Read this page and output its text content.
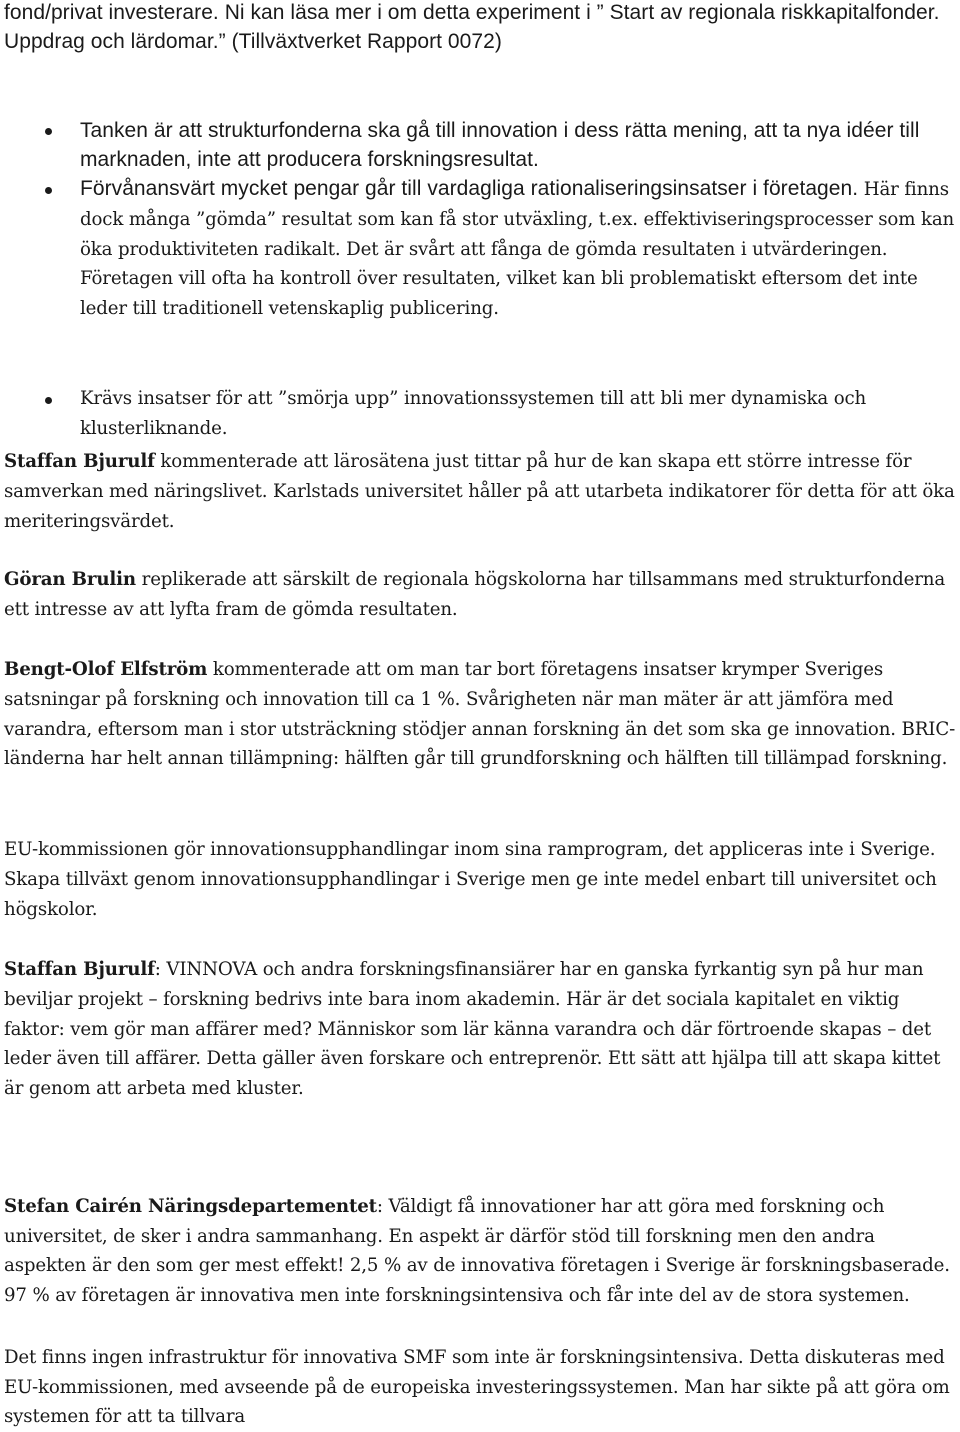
fond/privat investerare. Ni kan läsa mer i om detta experiment i ” Start av regionala riskkapitalfonder. Uppdrag och lärdomar.” (Tillväxtverket Rapport 0072)

Tanken är att strukturfonderna ska gå till innovation i dess rätta mening, att ta nya idéer till marknaden, inte att producera forskningsresultat.
Förvånansvärt mycket pengar går till vardagliga rationaliseringsinsatser i företagen. Här finns dock många ”gömda” resultat som kan få stor utväxling, t.ex. effektiviseringsprocesser som kan öka produktiviteten radikalt. Det är svårt att fånga de gömda resultaten i utvärderingen. Företagen vill ofta ha kontroll över resultaten, vilket kan bli problematiskt eftersom det inte leder till traditionell vetenskaplig publicering.
Krävs insatser för att ”smörja upp” innovationssystemen till att bli mer dynamiska och klusterliknande.

Staffan Bjurulf kommenterade att lärosätena just tittar på hur de kan skapa ett större intresse för samverkan med näringslivet. Karlstads universitet håller på att utarbeta indikatorer för detta för att öka meriteringsvärdet.

Göran Brulin replikerade att särskilt de regionala högskolorna har tillsammans med strukturfonderna ett intresse av att lyfta fram de gömda resultaten.

Bengt-Olof Elfström kommenterade att om man tar bort företagens insatser krymper Sveriges satsningar på forskning och innovation till ca 1 %. Svårigheten när man mäter är att jämföra med varandra, eftersom man i stor utsträckning stödjer annan forskning än det som ska ge innovation. BRIC-länderna har helt annan tillämpning: hälften går till grundforskning och hälften till tillämpad forskning.

EU-kommissionen gör innovationsupphandlingar inom sina ramprogram, det appliceras inte i Sverige. Skapa tillväxt genom innovationsupphandlingar i Sverige men ge inte medel enbart till universitet och högskolor.

Staffan Bjurulf: VINNOVA och andra forskningsfinansiärer har en ganska fyrkantig syn på hur man beviljar projekt – forskning bedrivs inte bara inom akademin. Här är det sociala kapitalet en viktig faktor: vem gör man affärer med? Människor som lär känna varandra och där förtroende skapas – det leder även till affärer. Detta gäller även forskare och entreprenör. Ett sätt att hjälpa till att skapa kittet är genom att arbeta med kluster.

Stefan Cairén Näringsdepartementet: Väldigt få innovationer har att göra med forskning och universitet, de sker i andra sammanhang. En aspekt är därför stöd till forskning men den andra aspekten är den som ger mest effekt! 2,5 % av de innovativa företagen i Sverige är forskningsbaserade. 97 % av företagen är innovativa men inte forskningsintensiva och får inte del av de stora systemen.

Det finns ingen infrastruktur för innovativa SMF som inte är forskningsintensiva. Detta diskuteras med EU-kommissionen, med avseende på de europeiska investeringssystemen. Man har sikte på att göra om systemen för att ta tillvara
